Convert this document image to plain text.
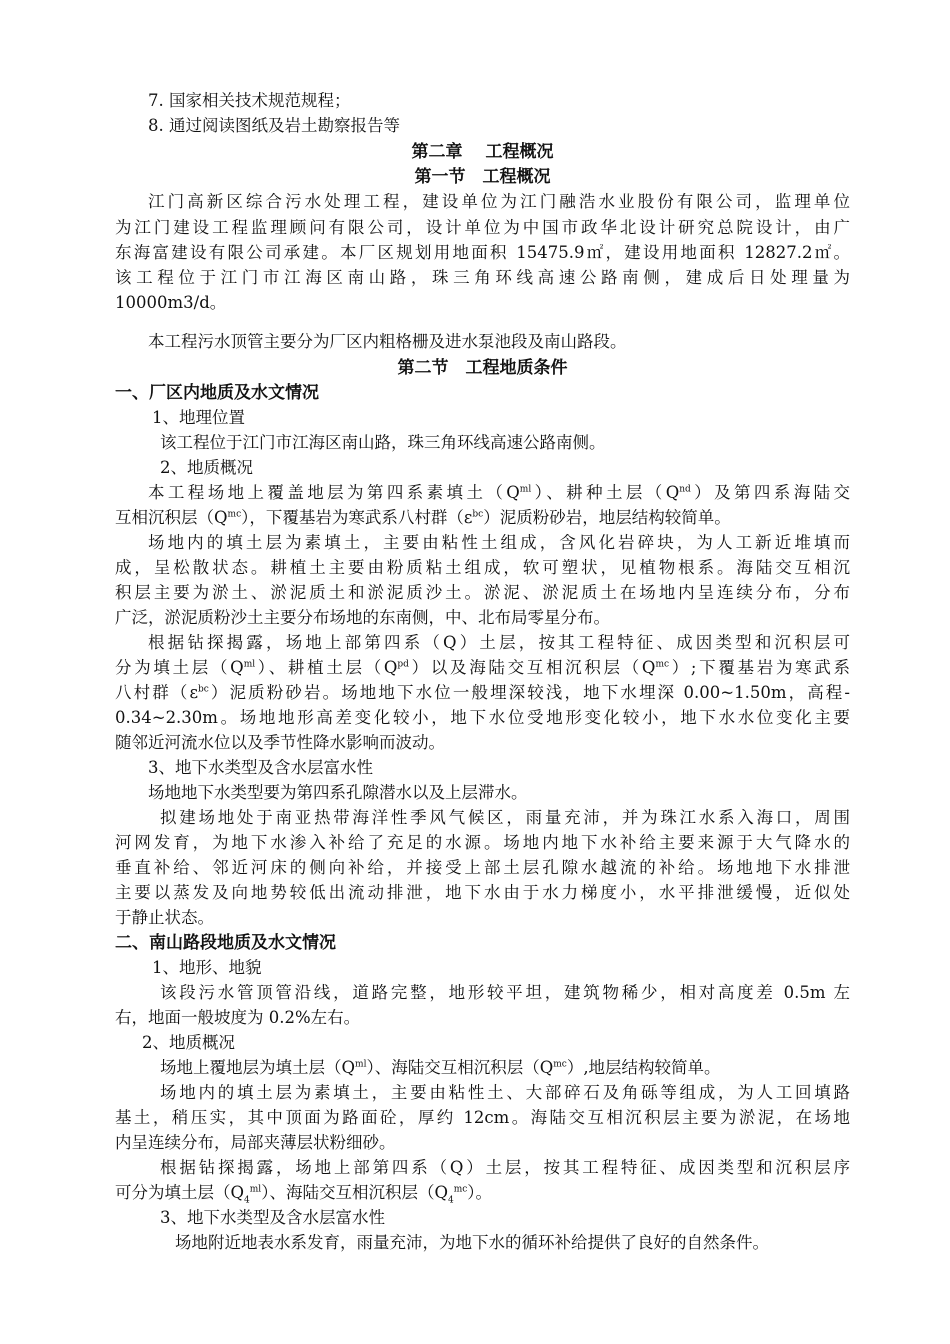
7. 国家相关技术规范规程；
8. 通过阅读图纸及岩土勘察报告等
第二章　 工程概况
第一节　工程概况
江门高新区综合污水处理工程，建设单位为江门融浩水业股份有限公司，监理单位
为江门建设工程监理顾问有限公司，设计单位为中国市政华北设计研究总院设计，由广
东海富建设有限公司承建。本厂区规划用地面积 15475.9㎡，建设用地面积 12827.2㎡。
该工程位于江门市江海区南山路，珠三角环线高速公路南侧，建成后日处理量为
10000m3/d。
本工程污水顶管主要分为厂区内粗格栅及进水泵池段及南山路段。
第二节　工程地质条件
一、厂区内地质及水文情况
1、地理位置
该工程位于江门市江海区南山路，珠三角环线高速公路南侧。
2、地质概况
本工程场地上覆盖地层为第四系素填土$(Q^{ml})$、耕种土层$(Q^{nd})$及第四系海陆交
互相沉积层$(Q^{mc})$，下覆基岩为寒武系八村群$(\varepsilon^{bc})$泥质粉砂岩，地层结构较简单。
场地内的填土层为素填土，主要由粘性土组成，含风化岩碎块，为人工新近堆填而
成，呈松散状态。耕植土主要由粉质粘土组成，软可塑状，见植物根系。海陆交互相沉
积层主要为淤土、淤泥质土和淤泥质沙土。淤泥、淤泥质土在场地内呈连续分布，分布
广泛，淤泥质粉沙土主要分布场地的东南侧，中、北布局零星分布。
根据钻探揭露，场地上部第四系（Q）土层，按其工程特征、成因类型和沉积层可
分为填土层$(Q^{ml})$、耕植土层$(Q^{pd})$以及海陆交互相沉积层$(Q^{mc})$;下覆基岩为寒武系
八村群$(\varepsilon^{bc})$泥质粉砂岩。场地地下水位一般埋深较浅，地下水埋深 0.00~1.50m，高程-
0.34~2.30m。场地地形高差变化较小，地下水位受地形变化较小，地下水水位变化主要
随邻近河流水位以及季节性降水影响而波动。
3、地下水类型及含水层富水性
场地地下水类型要为第四系孔隙潜水以及上层滞水。
拟建场地处于南亚热带海洋性季风气候区，雨量充沛，并为珠江水系入海口，周围
河网发育，为地下水渗入补给了充足的水源。场地内地下水补给主要来源于大气降水的
垂直补给、邻近河床的侧向补给，并接受上部土层孔隙水越流的补给。场地地下水排泄
主要以蒸发及向地势较低出流动排泄，地下水由于水力梯度小，水平排泄缓慢，近似处
于静止状态。
二、南山路段地质及水文情况
1、地形、地貌
该段污水管顶管沿线，道路完整，地形较平坦，建筑物稀少，相对高度差 0.5m 左
右，地面一般坡度为 0.2%左右。
2、地质概况
场地上覆地层为填土层$(Q^{ml})$、海陆交互相沉积层$(Q^{mc})$,地层结构较简单。
场地内的填土层为素填土，主要由粘性土、大部碎石及角砾等组成，为人工回填路
基土，稍压实，其中顶面为路面砼，厚约 12cm。海陆交互相沉积层主要为淤泥，在场地
内呈连续分布，局部夹薄层状粉细砂。
根据钻探揭露，场地上部第四系（Q）土层，按其工程特征、成因类型和沉积层序
可分为填土层$(Q_4^{ml})$、海陆交互相沉积层$(Q_4^{mc})$。
3、地下水类型及含水层富水性
场地附近地表水系发育，雨量充沛，为地下水的循环补给提供了良好的自然条件。
